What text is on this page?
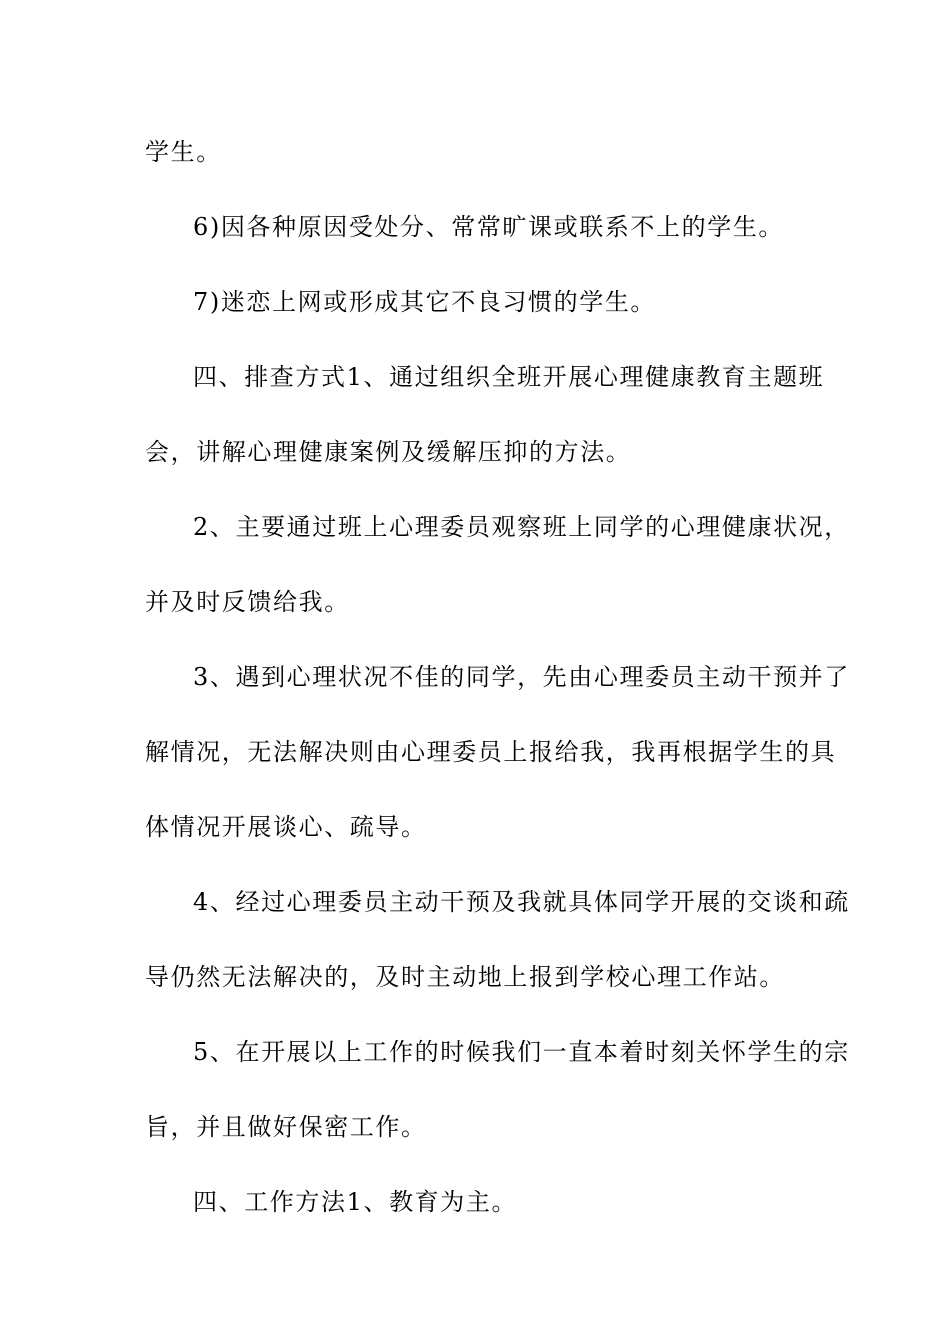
学生。
6)因各种原因受处分、常常旷课或联系不上的学生。
7)迷恋上网或形成其它不良习惯的学生。
四、排查方式1、通过组织全班开展心理健康教育主题班
会，讲解心理健康案例及缓解压抑的方法。
2、主要通过班上心理委员观察班上同学的心理健康状况，
并及时反馈给我。
3、遇到心理状况不佳的同学，先由心理委员主动干预并了
解情况，无法解决则由心理委员上报给我，我再根据学生的具
体情况开展谈心、疏导。
4、经过心理委员主动干预及我就具体同学开展的交谈和疏
导仍然无法解决的，及时主动地上报到学校心理工作站。
5、在开展以上工作的时候我们一直本着时刻关怀学生的宗
旨，并且做好保密工作。
四、工作方法1、教育为主。
